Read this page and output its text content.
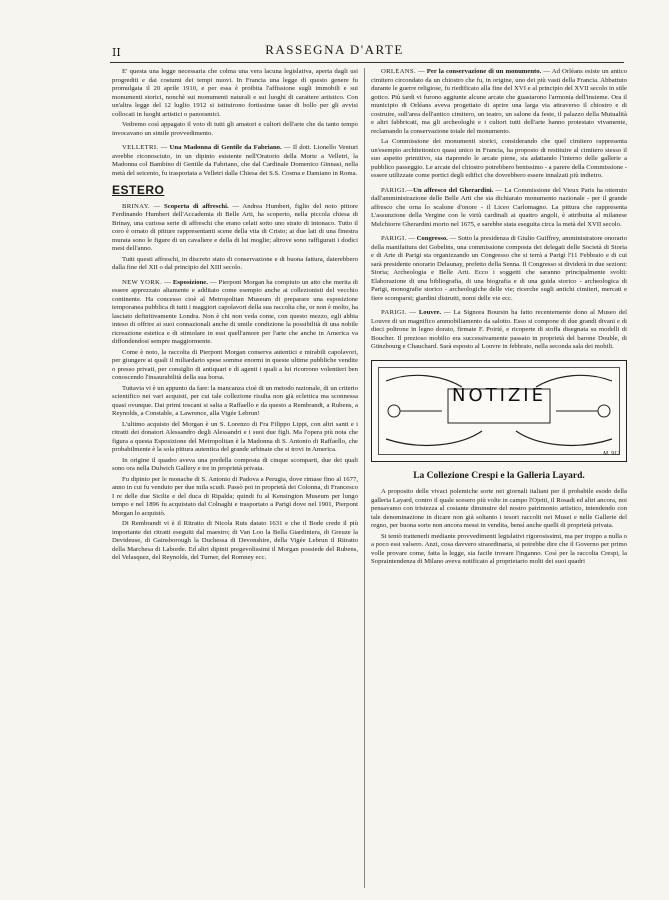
II	RASSEGNA D'ARTE

E' questa una legge necessaria che colma una vera lacuna legislativa, aperta dagli usi progrediti e dai costumi dei tempi nuovi. In Francia una legge di questo genere fu promulgata il 20 aprile 1910, e per essa è proibita l'affissione sugli immobili e sui monumenti storici, nonchè sui monumenti naturali e sui luoghi di carattere artistico. Con un'altra legge del 12 luglio 1912 si istituirono fortissime tasse di bollo per gli avvisi collocati in luoghi artistici o panoramici.

Vedremo così appagato il voto di tutti gli amatori e cultori dell'arte che da tanto tempo invocavano un simile provvedimento.

VELLETRI. — Una Madonna di Gentile da Fabriano. — Il dott. Lionello Venturi avrebbe riconosciuto, in un dipinto esistente nell'Oratorio della Morte a Velletri, la Madonna col Bambino di Gentile da Fabriano, che dal Cardinale Domenico Ginnasi, nella metà del seicento, fu trasportata a Velletri dalla Chiesa dei S.S. Cosma e Damiano in Roma.

ESTERO

BRINAY. — Scoperta di affreschi. — Andrea Humbert, figlio del noto pittore Ferdinando Humbert dell'Accademia di Belle Arti, ha scoperto, nella piccola chiesa di Brinay, una curiosa serie di affreschi che erano celati sotto uno strato di intonaco. Tutto il coro è ornato di pitture rappresentanti scene della vita di Cristo; ai due lati di una finestra murata sono le figure di un cavaliere e della di lui moglie; altrove sono raffigurati i dodici mesi dell'anno.

Tutti questi affreschi, in discreto stato di conservazione e di buona fattura, daterebbero dalla fine del XII o dal principio del XIII secolo.

NEW YORK. — Esposizione. — Pierpont Morgan ha compiuto un atto che merita di essere apprezzato altamente e additato come esempio anche ai collezionisti del vecchio continente. Ha concesso cioè al Metropolitan Museum di preparare una esposizione temporanea pubblica di tutti i maggiori capolavori della sua raccolta che, or non è molto, ha lasciato definitivamente Londra. Non è chi non veda come, con questo mezzo, egli abbia inteso di offrire ai suoi connazionali anche di umile condizione la possibilità di una nobile ricreazione estetica e di stimolare in essi quell'amore per l'arte che anche in America va diffondendosi sempre maggiormente.

Come è noto, la raccolta di Pierpont Morgan conserva autentici e mirabili capolavori, per giungere ai quali il miliardario spese somme enormi in queste ultime pubbliche vendite o presso privati, per consiglio di antiquari e di agenti i quali a lui ricorrono volentieri ben conoscendo l'insaurabilità della sua borsa.

Tuttavia vi è un appunto da fare: la mancanza cioè di un metodo razionale, di un criterio scientifico nei vari acquisti, per cui tale collezione risulta non già eclettica ma sconnessa quasi ovunque. Dai primi toscani si salta a Raffaello e da questo a Rembrandt, a Rubens, a Reynolds, a Constable, a Lawrence, alla Vigée Lebrun!

L'ultimo acquisto del Morgan è un S. Lorenzo di Fra Filippo Lippi, con altri santi e i ritratti dei donatori Alessandro degli Alessandri e i suoi due figli. Ma l'opera più nota che figura a questa Esposizione del Metropolitan è la Madonna di S. Antonio di Raffaello, che probabilmente è la sola pittura autentica del grande urbinate che si trovi in America.

In origine il quadro aveva una predella composta di cinque scomparti, due dei quali sono ora nella Dulwich Gallery e tre in proprietà privata.

Fu dipinto per le monache di S. Antonio di Padova a Perugia, dove rimase fino al 1677, anno in cui fu venduto per due mila scudi. Passò poi in proprietà dei Colonna, di Francesco I re delle due Sicilie e del duca di Ripalda; quindi fu al Kensington Museum per lungo tempo e nel 1896 fu acquistato dal Colnaghi e trasportato a Parigi dove nel 1901, Pierpont Morgan lo acquistò.

Di Rembrandt vi è il Ritratto di Nicola Ruts datato 1631 e che il Bode crede il più importante dei ritratti eseguiti dal maestro; di Van Loo la Bella Giardiniera, di Greuze la Devideuse, di Gainsborough la Duchessa di Devonshire, della Vigée Lebrun il Ritratto della Marchesa di Laborde. Ed altri dipinti pregevolissimi il Morgan possiede del Rubens, del Velasquez, del Reynolds, del Turner, del Romney ecc.

ORLÉANS. — Per la conservazione di un monumento. — Ad Orléans esiste un antico cimitero circondato da un chiostro che fu, in origine, uno dei più vasti della Francia. Abbattuto durante le guerre religiose, fu riedificato alla fine del XVI e al principio del XVII secolo in stile gotico. Più tardi vi furono aggiunte alcune arcate che guastarono l'armonia dell'insieme. Ora il municipio di Orléans aveva progettato di aprire una larga via attraverso il chiostro e di costruire, sull'area dell'antico cimitero, un teatro, un salone da feste, il palazzo della Mutualità e altri fabbricati, ma gli archeologhi e i cultori tutti dell'arte hanno protestato vivamente, reclamando la conservazione totale del monumento.

La Commissione dei monumenti storici, considerando che quel cimitero rappresenta un'esempio architettonico quasi unico in Francia, ha proposto di restituire al cimitero stesso il suo aspetto primitivo, sia riaprendo le arcate piene, sia adattando l'interno delle gallerie a pubblico passeggio. Le arcate del chiostro potrebbero benissimo - a parere della Commissione - essere utilizzate come portici degli edifici che dovrebbero essere innalzati più indietro.

PARIGI.—Un affresco del Gherardini. — La Commissione del Vieux Paris ha ottenuto dall'amministrazione delle Belle Arti che sia dichiarato monumento nazionale - per il grande affresco che orna lo scalone d'onore - il Liceo Carlomagno. La pittura che rappresenta L'assunzione della Vergine con le virtù cardinali ai quattro angoli, è attribuita al milanese Melchiorre Gherardini morto nel 1675, e sarebbe stata eseguita circa la metà del XVII secolo.

PARIGI. — Congresso. — Sotto la presidenza di Giulio Guiffrey, amministratore onorario della manifattura dei Gobelins, una commissione composta dei delegati delle Società di Storia e di Arte di Parigi sta organizzando un Congresso che si terrà a Parigi l'11 Febbraio e di cui sarà presidente onorario Delaunay, prefetto della Senna. Il Congresso si dividerà in due sezioni: Storia; Archeologia e Belle Arti. Ecco i soggetti che saranno principalmente svolti: Elaborazione di una bibliografia, di una biografia e di una guida storico - archeologica di Parigi, monografie storico - archeologiche delle vie; ricerche sugli antichi cimiteri, mercati e fiere scomparsi; giardini distrutti, nomi delle vie ecc.

PARIGI. — Louvre. — La Signora Boursin ha fatto recentemente dono al Museo del Louvre di un magnifico ammobiliamento da salotto. Esso si compone di due grandi divani e di dieci poltrone in legno dorato, firmate F. Poirié, e ricoperte di stoffa disegnata su modelli di Boucher. Il prezioso mobilio era successivamente passato in proprietà del barone Double, di Günzbourg e Chauchard. Sarà esposto al Louvre in febbraio, nella seconda sala dei mobili.

NOTIZIE
M. 912
La Collezione Crespi e la Galleria Layard.

A proposito delle vivaci polemiche sorte nei giornali italiani per il probabile esodo della galleria Layard, contro il quale scesero più volte in campo l'Ojetti, il Rosadi ed altri ancora, noi pensavamo con tristezza al costante diminuire del nostro patrimonio artistico, intendendo con tale denominazione in dicare non già soltanto i tesori raccolti nei Musei e nelle Gallerie del regno, per buona sorte non ancora messi in vendita, bensì anche quelli di proprietà privata.

Si tentò trattenerli mediante provvedimenti legislativi rigorosissimi, ma per troppo a nulla o a poco essi valsero. Anzi, cosa davvero straordinaria, si potrebbe dire che il Governo per primo volle provare come, fatta la legge, sia facile trovare l'inganno. Così per la raccolta Crespi, la Sopraintendenza di Milano aveva notificato al proprietario molti dei suoi quadri
